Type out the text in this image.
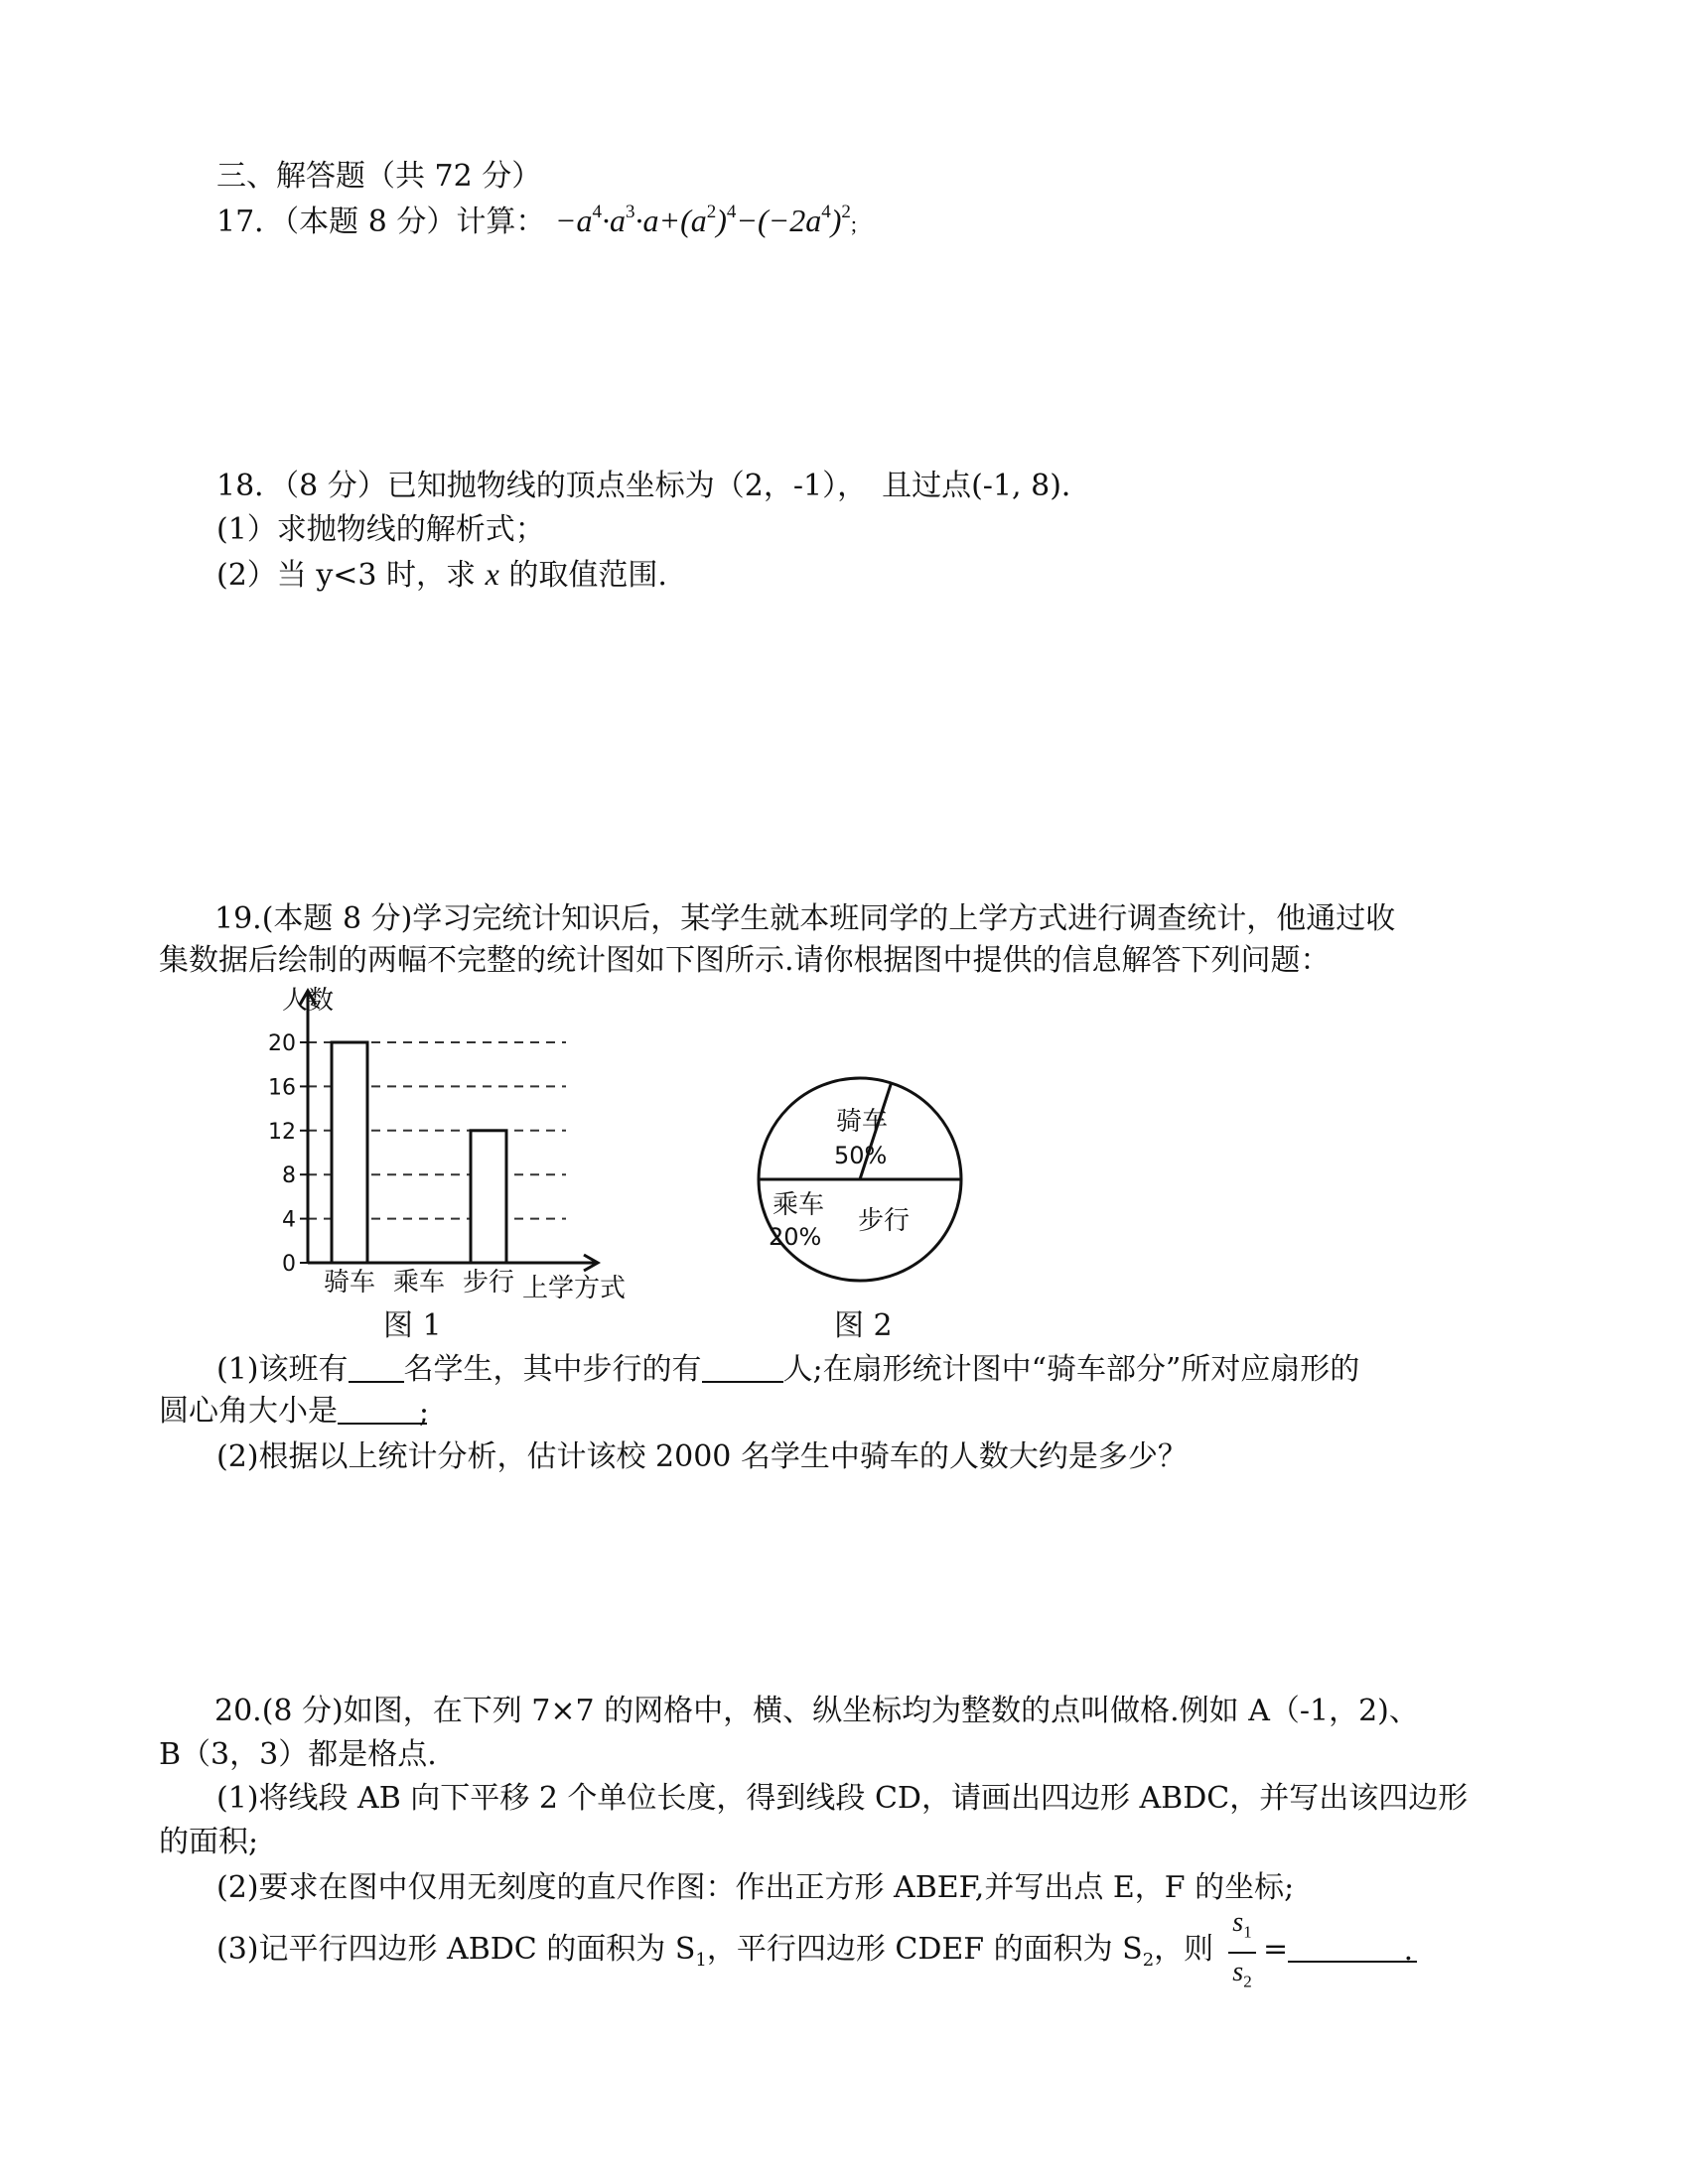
三、解答题（共 72 分）
17．（本题 8 分）计算： $-a^4\cdot a^3\cdot a+(a^2)^4-(-2a^4)^2$;
18．（8 分）已知抛物线的顶点坐标为（2，-1），　且过点(-1, 8)．
(1）求抛物线的解析式；
(2）当 y<3 时，求 x 的取值范围.
19.(本题 8 分)学习完统计知识后，某学生就本班同学的上学方式进行调查统计，他通过收
集数据后绘制的两幅不完整的统计图如下图所示.请你根据图中提供的信息解答下列问题：
0
4
8
12
16
20
骑车 乘车 步行
人数
上学方式
图 1
骑车
50%
乘车
20%
步行
图 2
(1)该班有 名学生，其中步行的有	人;在扇形统计图中“骑车部分”所对应扇形的
圆心角大小是	;
(2)根据以上统计分析，估计该校 2000 名学生中骑车的人数大约是多少？
20.(8 分)如图，在下列 7×7 的网格中，横、纵坐标均为整数的点叫做格.例如 A（-1，2)、
B（3，3）都是格点.
(1)将线段 AB 向下平移 2 个单位长度，得到线段 CD，请画出四边形 ABDC，并写出该四边形
的面积;
(2)要求在图中仅用无刻度的直尺作图：作出正方形 ABEF,并写出点 E，F 的坐标;
(3)记平行四边形 ABDC 的面积为 $S_1$，平行四边形 CDEF 的面积为 $S_2$，则
$s_1$
$s_2$
=	.
